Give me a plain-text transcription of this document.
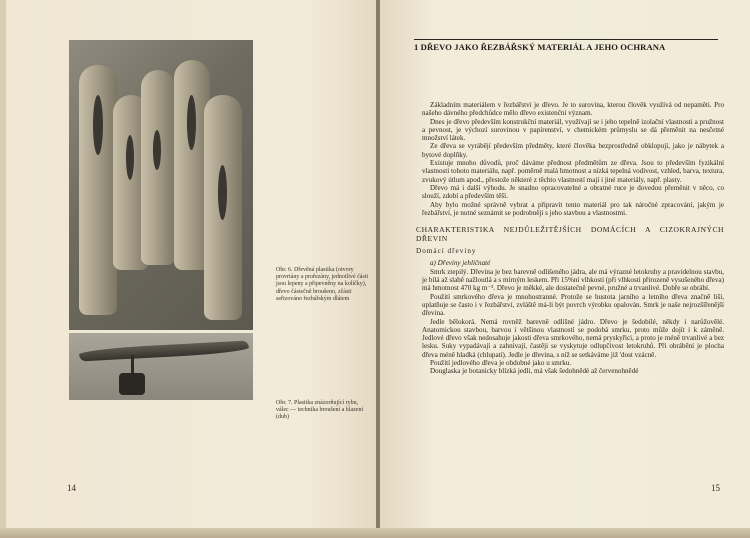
Obr. 6. Dřevěná plastika (otvory provrtány a prořezány, jednotlivé části jsou lepeny a připevněny na kolíčky), dřevo částečně broušeno, zčásti seřizováno řezbářským dlátem
Obr. 7. Plastika znázorňující rybu, válec — technika broušení a hlazení (dub)
14
1 DŘEVO JAKO ŘEZBÁŘSKÝ MATERIÁL A JEHO OCHRANA

Základním materiálem v řezbářství je dřevo. Je to surovina, kterou člověk využívá od nepaměti. Pro našeho dávného předchůdce mělo dřevo existenční význam.

Dnes je dřevo především konstrukční materiál, využívají se i jeho tepelně izolační vlastnosti a pružnost a pevnost, je výchozí surovinou v papírenství, v chemickém průmyslu se dá přeměnit na nesčetné množství látek.

Ze dřeva se vyrábějí především předměty, které člověka bezprostředně obklopují, jako je nábytek a bytové doplňky.

Existuje mnoho důvodů, proč dáváme přednost předmětům ze dřeva. Jsou to především fyzikální vlastnosti tohoto materiálu, např. poměrně malá hmotnost a nízká tepelná vodivost, vzhled, barva, textura, zvukový útlum apod., přestože některé z těchto vlastností mají i jiné materiály, např. plasty.

Dřevo má i další výhodu. Je snadno opracovatelné a obratné ruce je dovedou přeměnit v něco, co slouží, zdobí a především těší.

Aby bylo možné správně vybrat a připravit tento materiál pro tak náročné zpracování, jakým je řezbářství, je nutné seznámit se podrobněji s jeho stavbou a vlastnostmi.

CHARAKTERISTIKA NEJDŮLEŽITĚJŠÍCH DOMÁCÍCH A CIZOKRAJNÝCH DŘEVIN
Domácí dřeviny

a) Dřeviny jehličnaté

Smrk ztepilý. Dřevina je bez barevně odlišeného jádra, ale má výrazné letokruhy a pravidelnou stavbu, je bílá až slabě nažloutlá a s mírným leskem. Při 15%ní vlhkosti (při vlhkosti přirozeně vysušeného dřeva) má hmotnost 470 kg m⁻³. Dřevo je měkké, ale dostatečně pevné, pružné a trvanlivé. Dobře se obrábí.

Použití smrkového dřeva je mnohostranné. Protože se hustota jarního a letního dřeva značně liší, uplatňuje se často i v řezbářství, zvláště má-li být povrch výrobku opalován. Smrk je naše nejrozšířenější dřevina.

Jedle bělokorá. Nemá rovněž barevně odlišné jádro. Dřevo je šedobílé, někdy i narůžovělé. Anatomickou stavbou, barvou i většinou vlastností se podobá smrku, proto může dojít i k záměně. Jedlové dřevo však nedosahuje jakosti dřeva smrkového, nemá pryskyřici, a proto je méně trvanlivé a bez lesku. Suky vypadávají a zahnívají, častěji se vyskytuje odlupčivost letokruhů. Při obrábění je plocha dřeva méně hladká (chlupatí). Jedle je dřevina, s níž se setkáváme již 'dost vzácně.

Použití jedlového dřeva je obdobné jako u smrku.

Douglaska je botanicky blízká jedli, má však šedohnědé až červenohnědé

15
